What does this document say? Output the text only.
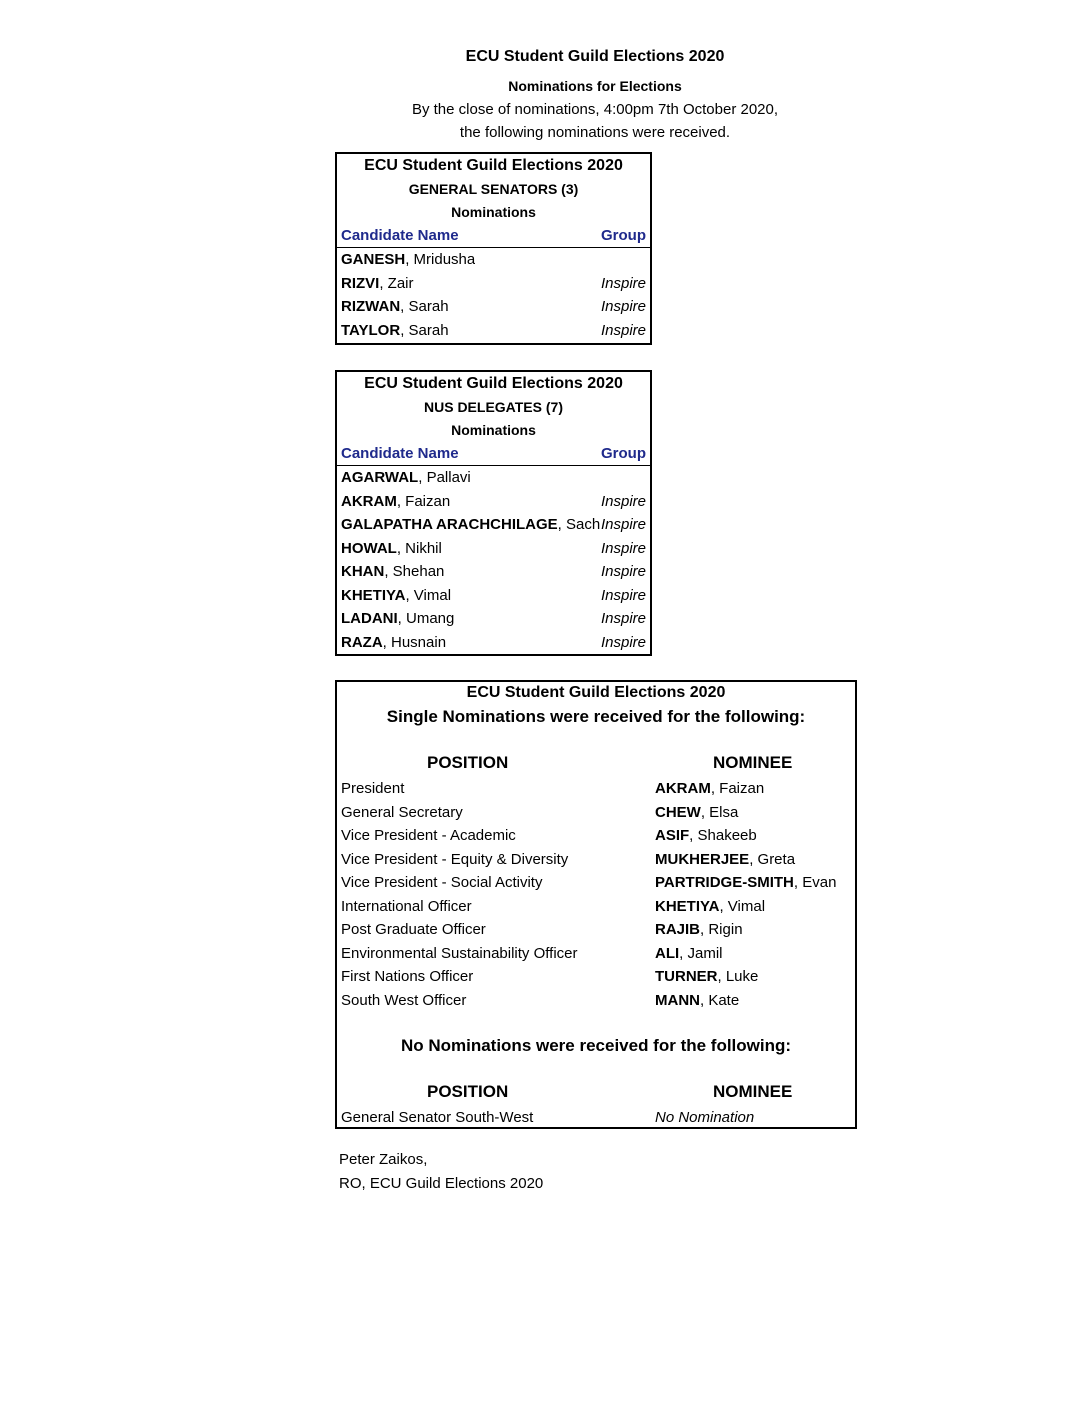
ECU Student Guild Elections 2020
Nominations for Elections
By the close of nominations, 4:00pm 7th October 2020,
the following nominations were received.
ECU Student Guild Elections 2020
GENERAL SENATORS (3)
Nominations
Candidate Name	Group
GANESH, Mridusha
RIZVI, Zair	Inspire
RIZWAN, Sarah	Inspire
TAYLOR, Sarah	Inspire
ECU Student Guild Elections 2020
NUS DELEGATES (7)
Nominations
Candidate Name	Group
AGARWAL, Pallavi
AKRAM, Faizan	Inspire
GALAPATHA ARACHCHILAGE, Sach Inspire
HOWAL, Nikhil	Inspire
KHAN, Shehan	Inspire
KHETIYA, Vimal	Inspire
LADANI, Umang	Inspire
RAZA, Husnain	Inspire
ECU Student Guild Elections 2020
Single Nominations were received for the following:
POSITION	NOMINEE
President	AKRAM, Faizan
General Secretary	CHEW, Elsa
Vice President - Academic	ASIF, Shakeeb
Vice President - Equity & Diversity	MUKHERJEE, Greta
Vice President - Social Activity	PARTRIDGE-SMITH, Evan
International Officer	KHETIYA, Vimal
Post Graduate Officer	RAJIB, Rigin
Environmental Sustainability Officer	ALI, Jamil
First Nations Officer	TURNER, Luke
South West Officer	MANN, Kate
No Nominations were received for the following:
POSITION	NOMINEE
General Senator South-West	No Nomination
Peter Zaikos,
RO, ECU Guild Elections 2020
